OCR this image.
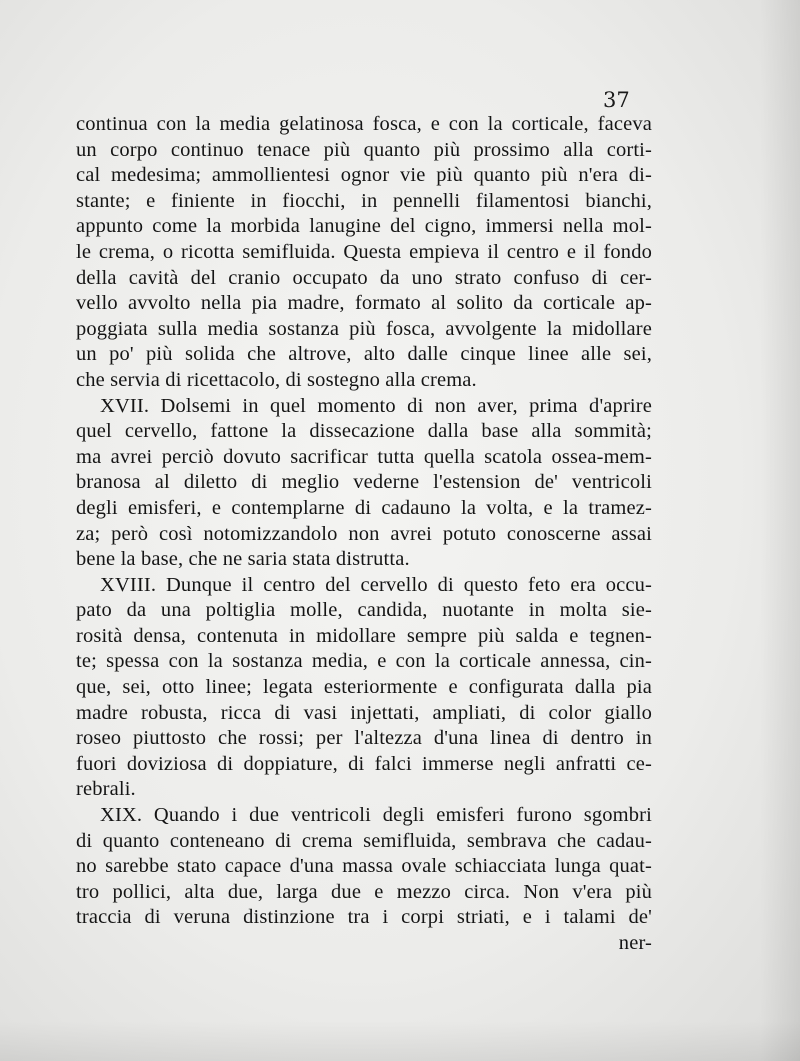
37
continua con la media gelatinosa fosca, e con la corticale, faceva
un corpo continuo tenace più quanto più prossimo alla corti-
cal medesima; ammollientesi ognor vie più quanto più n'era di-
stante; e finiente in fiocchi, in pennelli filamentosi bianchi,
appunto come la morbida lanugine del cigno, immersi nella mol-
le crema, o ricotta semifluida. Questa empieva il centro e il fondo
della cavità del cranio occupato da uno strato confuso di cer-
vello avvolto nella pia madre, formato al solito da corticale ap-
poggiata sulla media sostanza più fosca, avvolgente la midollare
un po' più solida che altrove, alto dalle cinque linee alle sei,
che servia di ricettacolo, di sostegno alla crema.
XVII. Dolsemi in quel momento di non aver, prima d'aprire
quel cervello, fattone la dissecazione dalla base alla sommità;
ma avrei perciò dovuto sacrificar tutta quella scatola ossea-mem-
branosa al diletto di meglio vederne l'estension de' ventricoli
degli emisferi, e contemplarne di cadauno la volta, e la tramez-
za; però così notomizzandolo non avrei potuto conoscerne assai
bene la base, che ne saria stata distrutta.
XVIII. Dunque il centro del cervello di questo feto era occu-
pato da una poltiglia molle, candida, nuotante in molta sie-
rosità densa, contenuta in midollare sempre più salda e tegnen-
te; spessa con la sostanza media, e con la corticale annessa, cin-
que, sei, otto linee; legata esteriormente e configurata dalla pia
madre robusta, ricca di vasi injettati, ampliati, di color giallo
roseo piuttosto che rossi; per l'altezza d'una linea di dentro in
fuori doviziosa di doppiature, di falci immerse negli anfratti ce-
rebrali.
XIX. Quando i due ventricoli degli emisferi furono sgombri
di quanto conteneano di crema semifluida, sembrava che cadau-
no sarebbe stato capace d'una massa ovale schiacciata lunga quat-
tro pollici, alta due, larga due e mezzo circa. Non v'era più
traccia di veruna distinzione tra i corpi striati, e i talami de'
ner-
